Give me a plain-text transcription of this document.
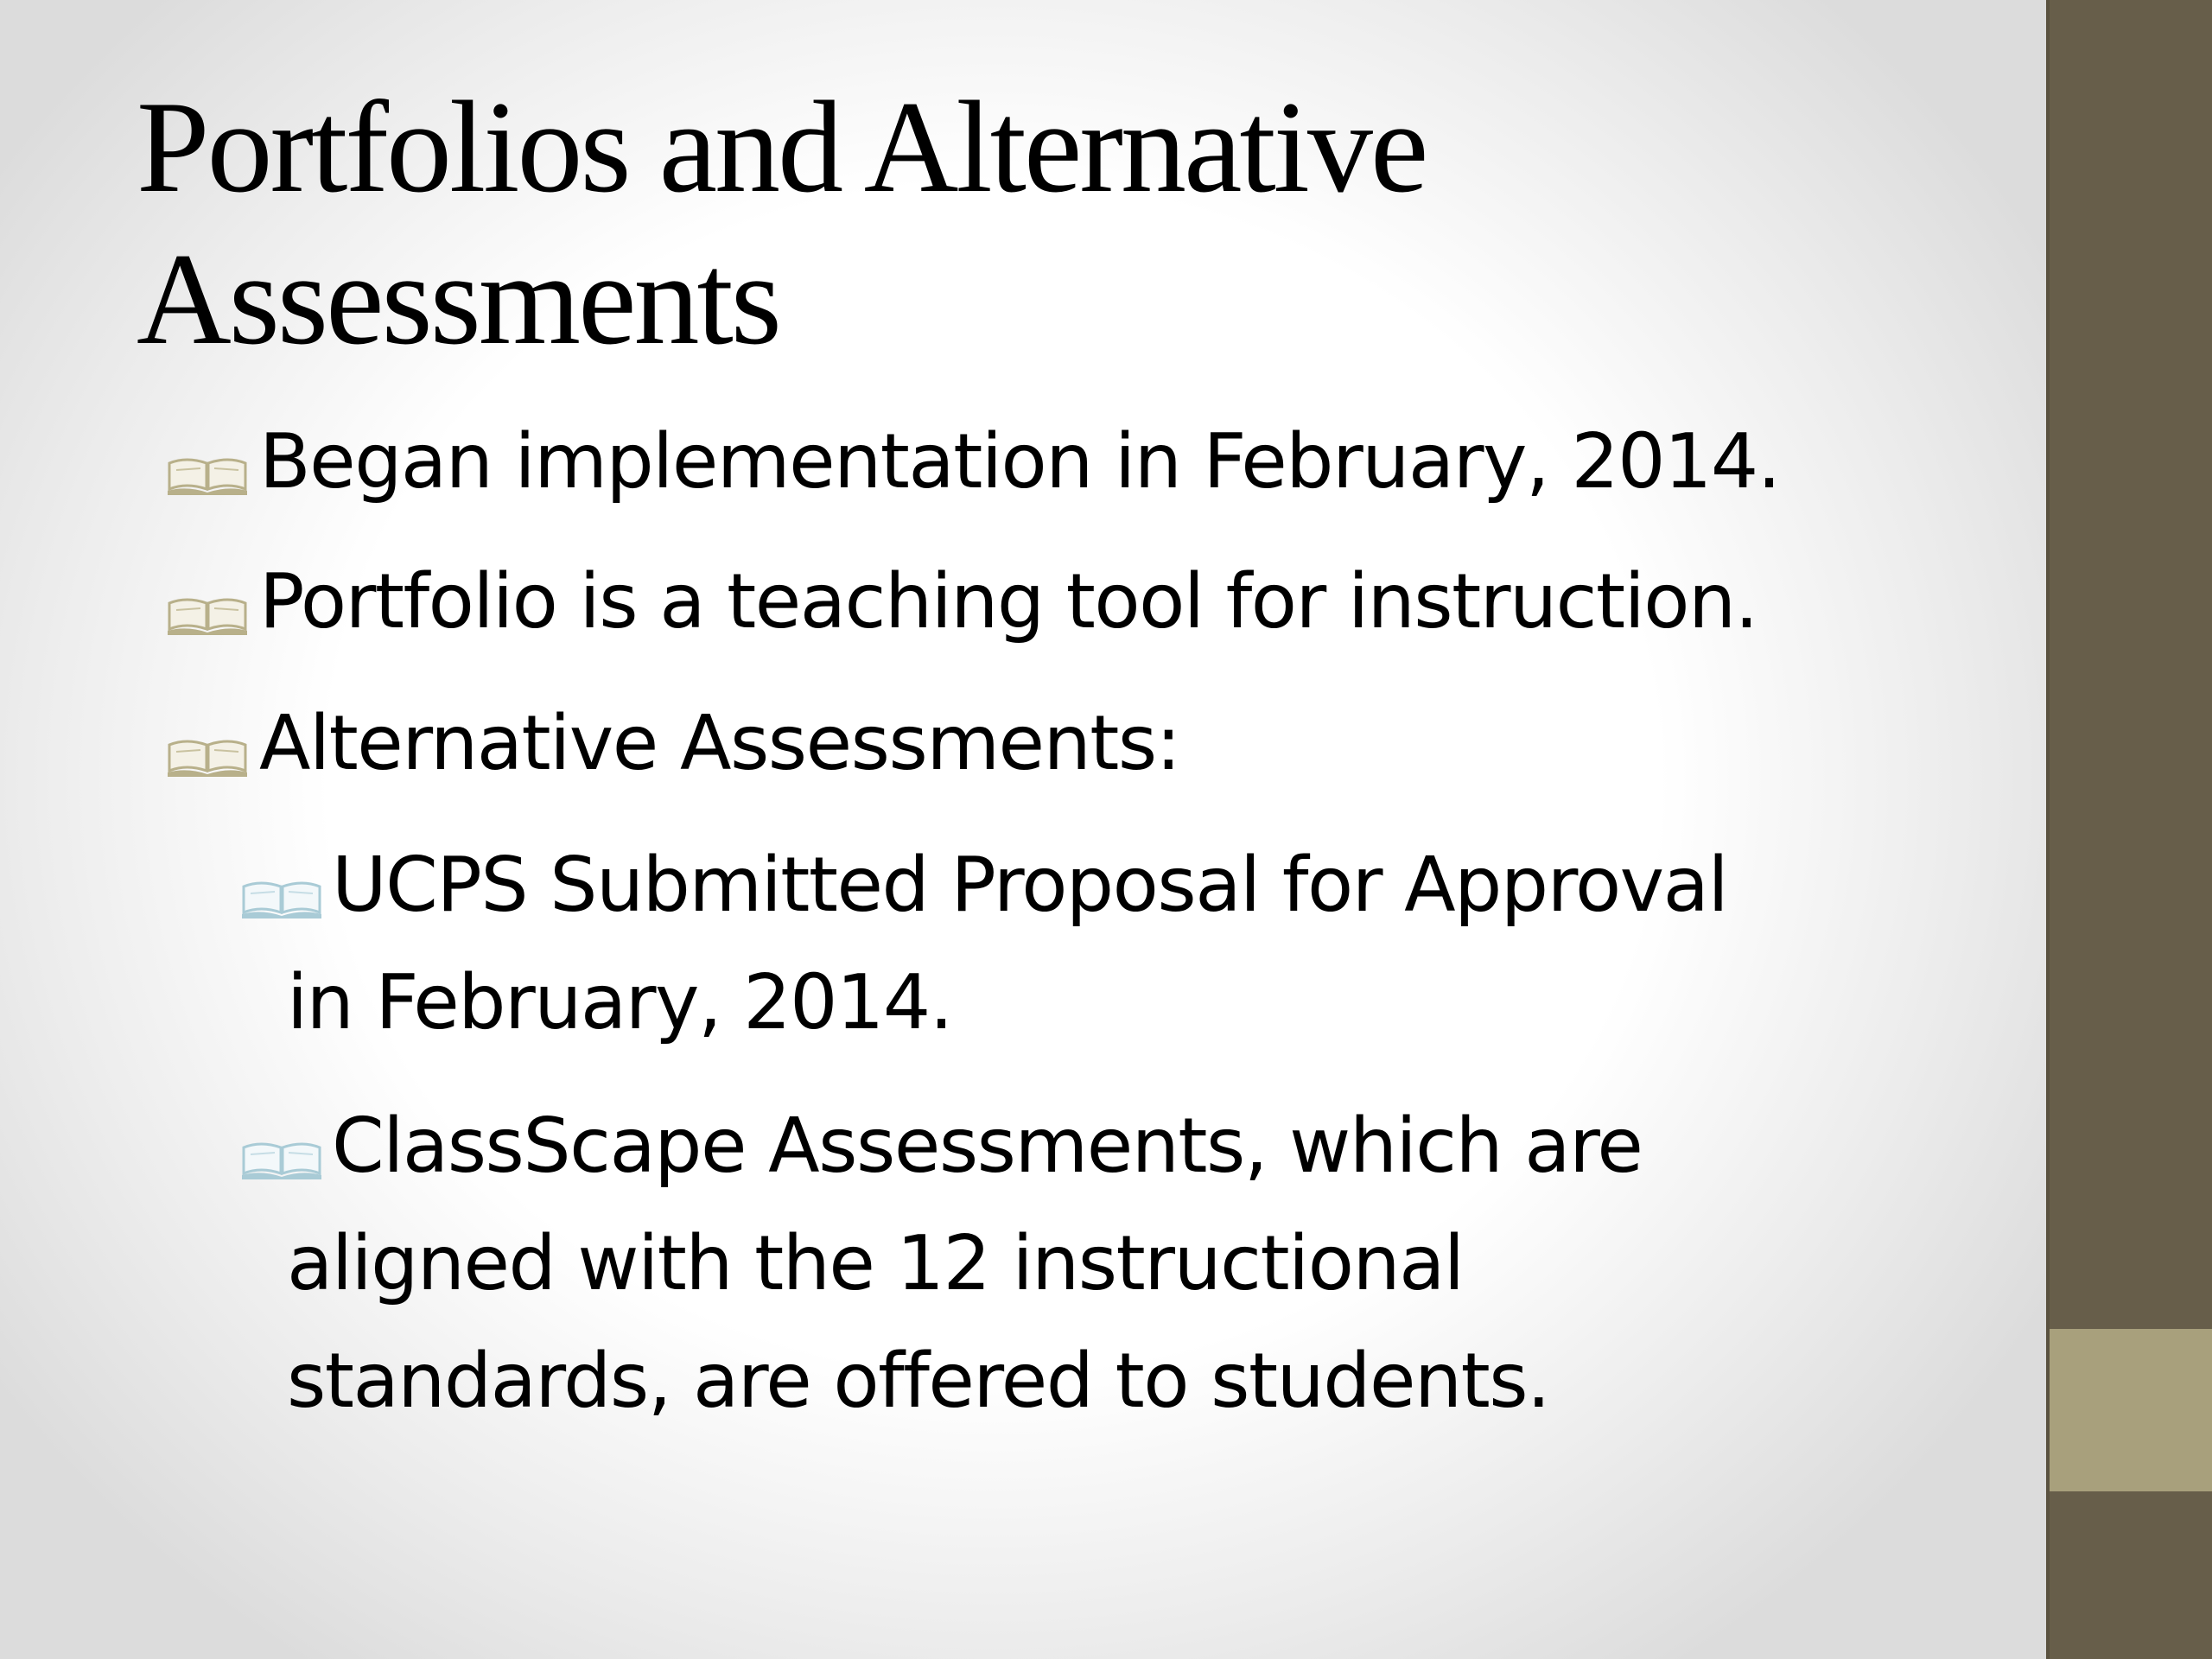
Portfolios and Alternative
Assessments
Began implementation in February, 2014.
Portfolio is a teaching tool for instruction.
Alternative Assessments:
UCPS Submitted Proposal for Approval
in February, 2014.
ClassScape Assessments, which are
aligned with the 12 instructional
standards, are offered to students.
